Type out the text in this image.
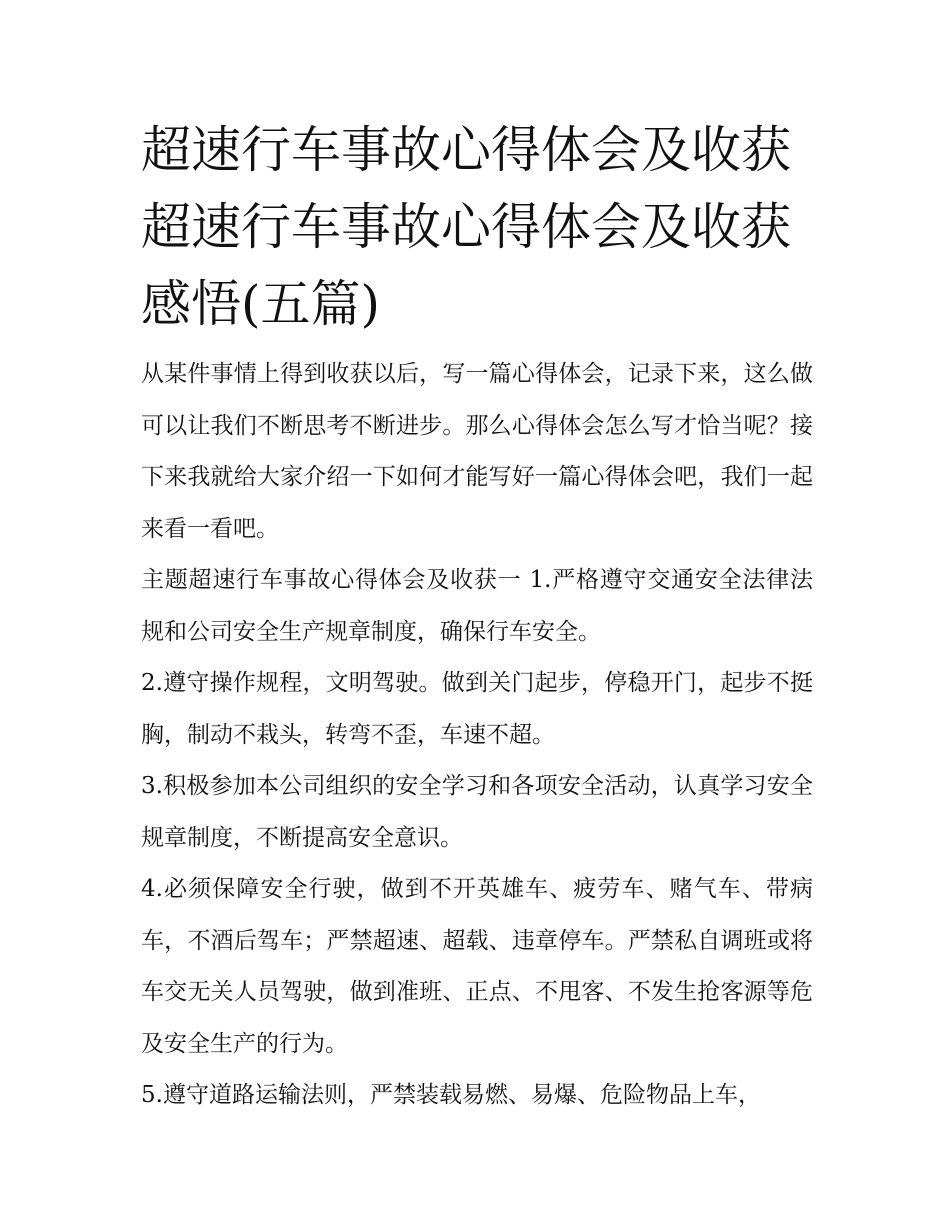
超速行车事故心得体会及收获超速行车事故心得体会及收获感悟(五篇)

从某件事情上得到收获以后，写一篇心得体会，记录下来，这么做可以让我们不断思考不断进步。那么心得体会怎么写才恰当呢？接下来我就给大家介绍一下如何才能写好一篇心得体会吧，我们一起来看一看吧。

主题超速行车事故心得体会及收获一 1.严格遵守交通安全法律法规和公司安全生产规章制度，确保行车安全。

2.遵守操作规程，文明驾驶。做到关门起步，停稳开门，起步不挺胸，制动不栽头，转弯不歪，车速不超。

3.积极参加本公司组织的安全学习和各项安全活动，认真学习安全规章制度，不断提高安全意识。

4.必须保障安全行驶，做到不开英雄车、疲劳车、赌气车、带病车，不酒后驾车；严禁超速、超载、违章停车。严禁私自调班或将车交无关人员驾驶，做到准班、正点、不甩客、不发生抢客源等危及安全生产的行为。

5.遵守道路运输法则，严禁装载易燃、易爆、危险物品上车，
